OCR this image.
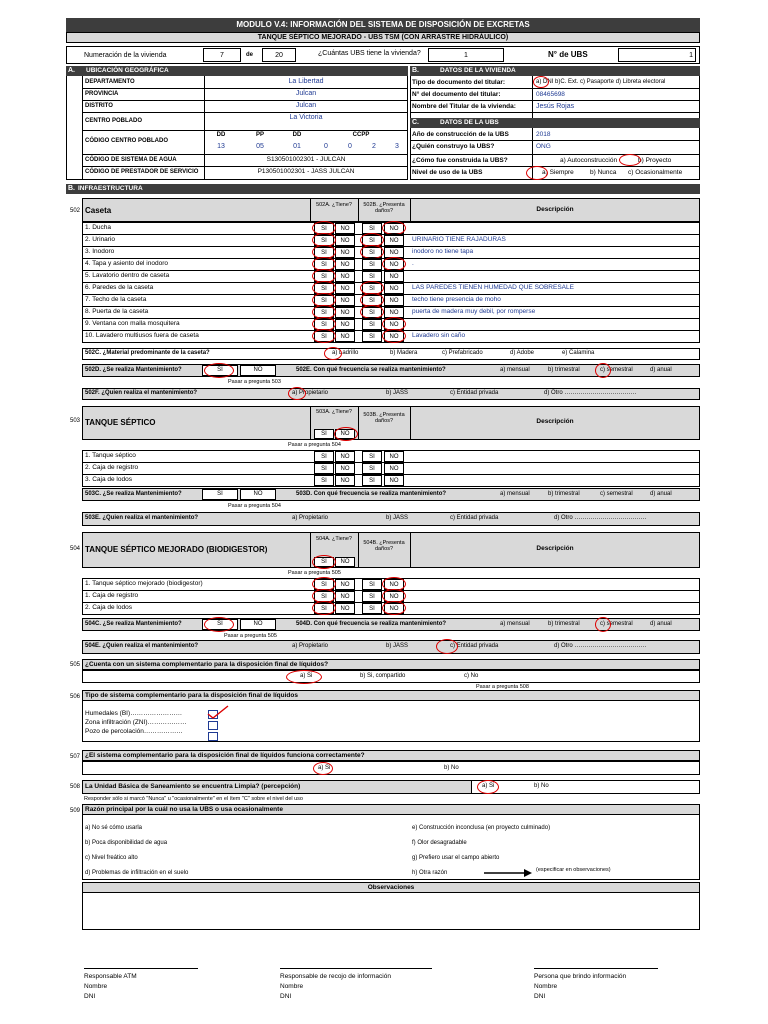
MODULO V.4: INFORMACIÓN DEL SISTEMA DE DISPOSICIÓN DE EXCRETAS
TANQUE SÉPTICO MEJORADO - UBS TSM (CON ARRASTRE HIDRÁULICO)
Numeración de la vivienda	7	de	20	¿Cuántas UBS tiene la vivienda?	1	N° de UBS	1
A. UBICACIÓN GEOGRÁFICA
DEPARTAMENTO	La Libertad
PROVINCIA	Julcan
DISTRITO	Julcan
CENTRO POBLADO	La Victoria
CÓDIGO CENTRO POBLADO
DD	PP	DD	CCPP
13	05	01	0	0	2	3
CÓDIGO DE SISTEMA DE AGUA	S130501002301 - JULCAN
CÓDIGO DE PRESTADOR DE SERVICIO	P130501002301 - JASS JULCAN
B.	DATOS DE LA VIVIENDA
Tipo de documento del titular:	a) DNI b)C. Ext. c) Pasaporte d) Libreta electoral
N° del documento del titular:	08465698
Nombre del Titular de la vivienda:	Jesús Rojas
C.	DATOS DE LA UBS
Año de construcción de la UBS	2018
¿Quién construyo la UBS?	ONG
¿Cómo fue construida la UBS?	a) Autoconstrucción	b) Proyecto
Nivel de uso de la UBS	a) Siempre b) Nunca c) Ocasionalmente
B. INFRAESTRUCTURA
502 Caseta
502A. ¿Tiene?	502B. ¿Presenta daños?	Descripción
1. Ducha	SI	NO	SI	NO
2. Urinario	SI	NO	SI	NO	URINARIO TIENE RAJADURAS
3. Inodoro	SI	NO	SI	NO	inodoro no tiene tapa
4. Tapa y asiento del inodoro	SI	NO	SI	NO	.
5. Lavatorio dentro de caseta	SI	NO	SI	NO
6. Paredes de la caseta	SI	NO	SI	NO	LAS PAREDES TIENEN HUMEDAD QUE SOBRESALE
7. Techo de la caseta	SI	NO	SI	NO	techo tiene presencia de moho
8. Puerta de la caseta	SI	NO	SI	NO	puerta de madera muy debil, por romperse
9. Ventana con malla mosquitera	SI	NO	SI	NO
10. Lavadero multiusos fuera de caseta	SI	NO	SI	NO	Lavadero sin caño
502C. ¿Material predominante de la caseta?	a) Ladrillo	b) Madera	c) Prefabricado	d) Adobe	e) Calamina
502D. ¿Se realiza Mantenimiento?	SI	NO	502E. Con qué frecuencia se realiza mantenimiento?	a) mensual	b) trimestral	c) semestral	d) anual
Pasar a pregunta 503
502F. ¿Quien realiza el mantenimiento?	a) Propietario	b) JASS	c) Entidad privada	d) Otro ………………………………
503 TANQUE SÉPTICO
503A. ¿Tiene?	503B. ¿Presenta daños?	Descripción
SI	NO
Pasar a pregunta 504
1. Tanque séptico	SI	NO	SI	NO
2. Caja de registro	SI	NO	SI	NO
3. Caja de lodos	SI	NO	SI	NO
503C. ¿Se realiza Mantenimiento?	SI	NO	503D. Con qué frecuencia se realiza mantenimiento?	a) mensual	b) trimestral	c) semestral	d) anual
Pasar a pregunta 504
503E. ¿Quien realiza el mantenimiento?	a) Propietario	b) JASS	c) Entidad privada	d) Otro ………………………………
504 TANQUE SÉPTICO MEJORADO (BIODIGESTOR)
504A. ¿Tiene?
504B. ¿Presenta daños?	Descripción
SI	NO
Pasar a pregunta 505
1. Tanque séptico mejorado (biodigestor)	SI	NO	SI	NO
1. Caja de registro	SI	NO	SI	NO
2. Caja de lodos	SI	NO	SI	NO
504C. ¿Se realiza Mantenimiento?	SI	NO	504D. Con qué frecuencia se realiza mantenimiento?	a) mensual	b) trimestral	c) semestral	d) anual
Pasar a pregunta 505
504E. ¿Quien realiza el mantenimiento?	a) Propietario	b) JASS	c) Entidad privada	d) Otro ………………………………
505 ¿Cuenta con un sistema complementario para la disposición final de líquidos?
a) Si	b) Si, compartido	c) No
Pasar a pregunta 508
506 Tipo de sistema complementario para la disposición final de líquidos
Humedales (BI)……………………
Zona infiltración (ZNI)………………
Pozo de percolación………………
507 ¿El sistema complementario para la disposición final de líquidos funciona correctamente?
a) Si	b) No
508 La Unidad Básica de Saneamiento se encuentra Limpia? (percepción)	a) Si	b) No
Responder sólo si marcó "Nunca" u "ocasionalmente" en el ítem "C" sobre el nivel del uso
509 Razón principal por la cuál no usa la UBS o usa ocasionalmente
a) No sé cómo usarla
b) Poca disponibilidad de agua
c) Nivel freático alto
d) Problemas de infiltración en el suelo
e) Construcción inconclusa (en proyecto culminado)
f) Olor desagradable
g) Prefiero usar el campo abierto
h) Otra razón	(especificar en observaciones)
Observaciones
Responsable ATM
Nombre
DNI
Responsable de recojo de información
Nombre
DNI
Persona que brindo información
Nombre
DNI
